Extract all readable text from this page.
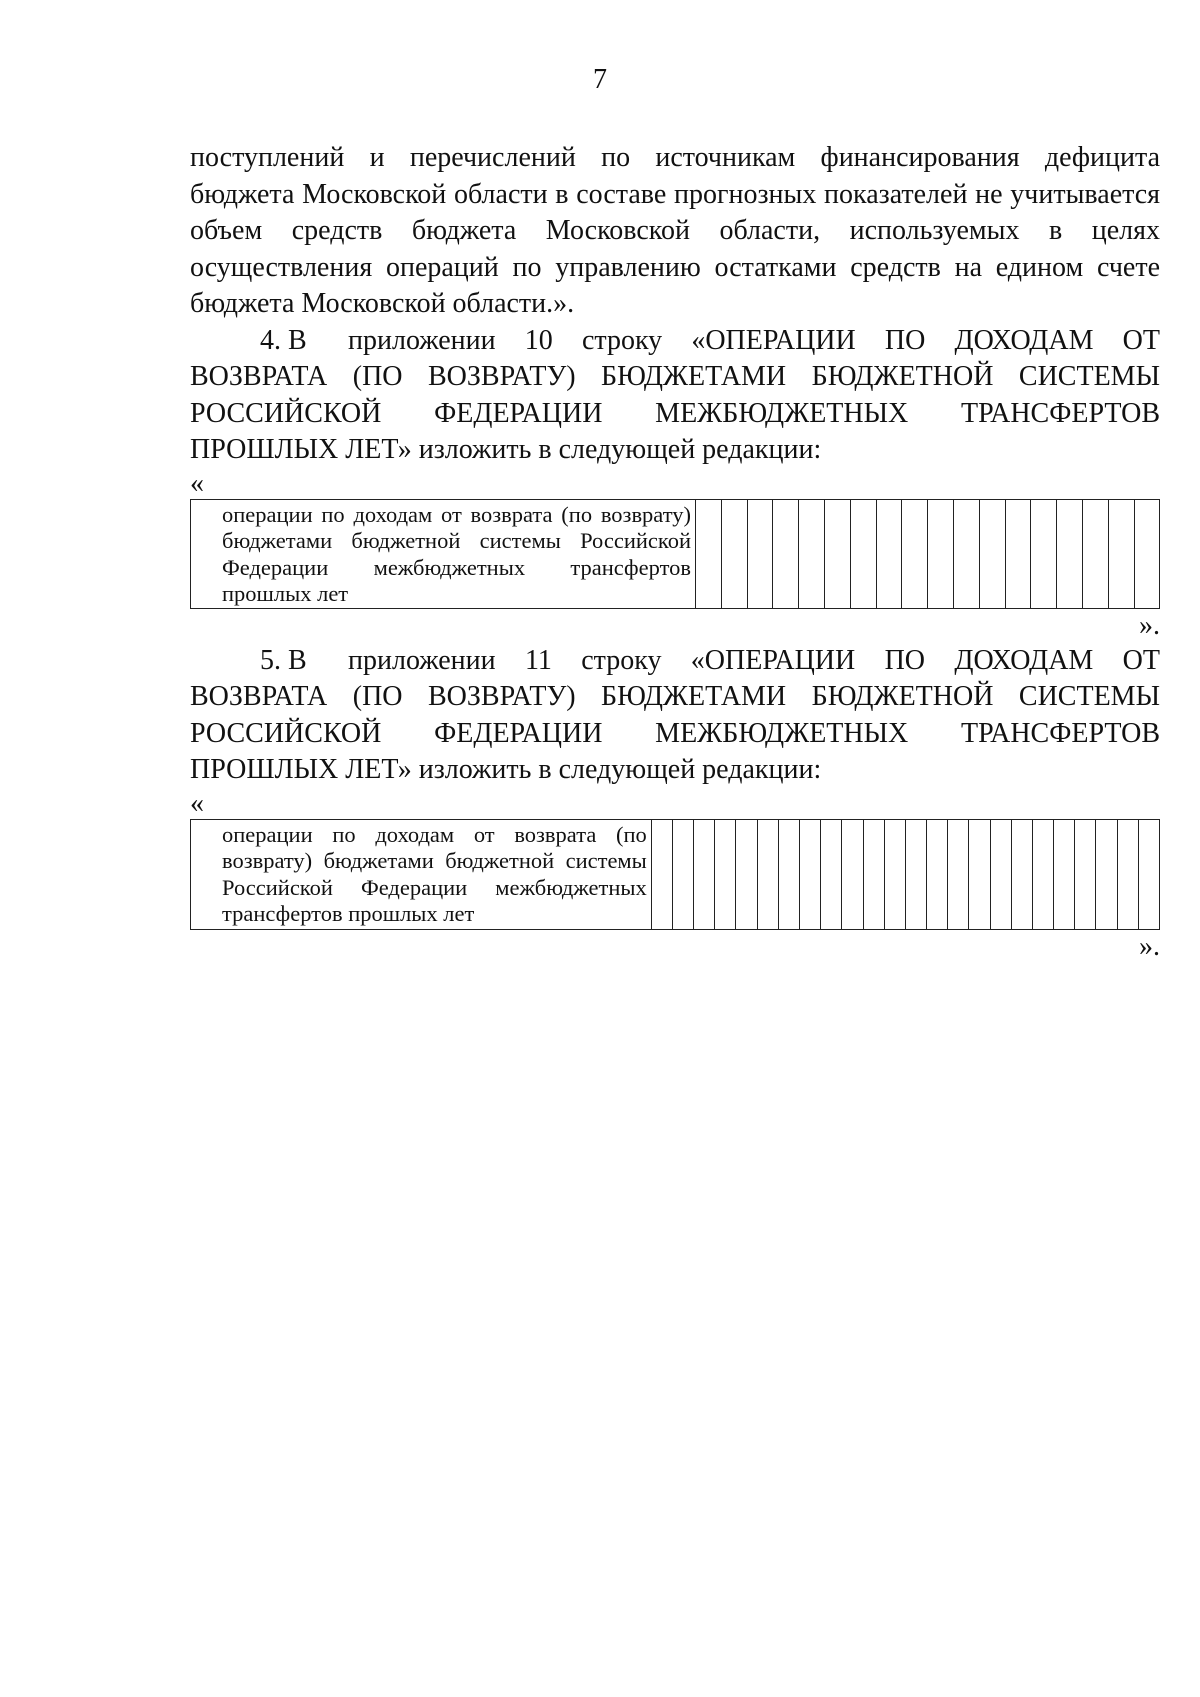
7

поступлений и перечислений по источникам финансирования дефицита бюджета Московской области в составе прогнозных показателей не учитывается объем средств бюджета Московской области, используемых в целях осуществления операций по управлению остатками средств на едином счете бюджета Московской области.».

4. В приложении 10 строку «ОПЕРАЦИИ ПО ДОХОДАМ ОТ ВОЗВРАТА (ПО ВОЗВРАТУ) БЮДЖЕТАМИ БЮДЖЕТНОЙ СИСТЕМЫ РОССИЙСКОЙ ФЕДЕРАЦИИ МЕЖБЮДЖЕТНЫХ ТРАНСФЕРТОВ ПРОШЛЫХ ЛЕТ» изложить в следующей редакции:

«

операции по доходам от возврата (по возврату) бюджетами бюджетной системы Российской Федерации межбюджетных трансфертов прошлых лет

».

5. В приложении 11 строку «ОПЕРАЦИИ ПО ДОХОДАМ ОТ ВОЗВРАТА (ПО ВОЗВРАТУ) БЮДЖЕТАМИ БЮДЖЕТНОЙ СИСТЕМЫ РОССИЙСКОЙ ФЕДЕРАЦИИ МЕЖБЮДЖЕТНЫХ ТРАНСФЕРТОВ ПРОШЛЫХ ЛЕТ» изложить в следующей редакции:

«

операции по доходам от возврата (по возврату) бюджетами бюджетной системы Российской Федерации межбюджетных трансфертов прошлых лет

».
